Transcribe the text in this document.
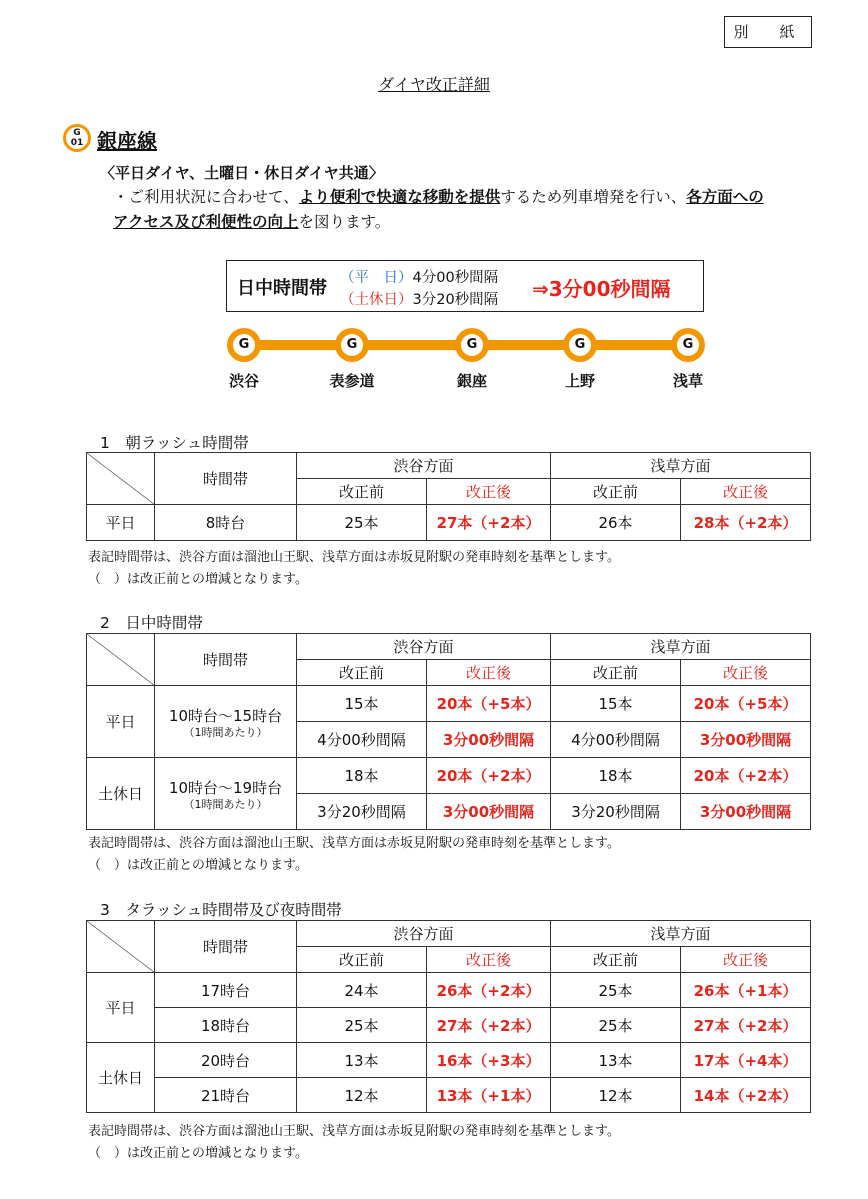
別　紙
ダイヤ改正詳細
G
01 銀座線
〈平日ダイヤ、土曜日・休日ダイヤ共通〉
・ご利用状況に合わせて、より便利で快適な移動を提供するため列車増発を行い、各方面への
アクセス及び利便性の向上を図ります。
日中時間帯 （平　日）4分00秒間隔
（土休日）3分20秒間隔 ⇒3分00秒間隔
G
渋谷
G
表参道
G
銀座
G
上野
G
浅草
1　朝ラッシュ時間帯
	時間帯	渋谷方面		浅草方面	
		改正前	改正後	改正前	改正後
平日	8時台	25本	27本（+2本）	26本	28本（+2本）
表記時間帯は、渋谷方面は溜池山王駅、浅草方面は赤坂見附駅の発車時刻を基準とします。
（　）は改正前との増減となります。
2　日中時間帯
	時間帯	渋谷方面		浅草方面	
		改正前	改正後	改正前	改正後
平日	10時台～15時台
（1時間あたり）	15本	20本（+5本）	15本	20本（+5本）
		4分00秒間隔	3分00秒間隔	4分00秒間隔	3分00秒間隔
土休日	10時台～19時台
（1時間あたり）	18本	20本（+2本）	18本	20本（+2本）
		3分20秒間隔	3分00秒間隔	3分20秒間隔	3分00秒間隔
表記時間帯は、渋谷方面は溜池山王駅、浅草方面は赤坂見附駅の発車時刻を基準とします。
（　）は改正前との増減となります。
3　タラッシュ時間帯及び夜時間帯
	時間帯	渋谷方面		浅草方面	
		改正前	改正後	改正前	改正後
平日	17時台	24本	26本（+2本）	25本	26本（+1本）
	18時台	25本	27本（+2本）	25本	27本（+2本）
土休日	20時台	13本	16本（+3本）	13本	17本（+4本）
	21時台	12本	13本（+1本）	12本	14本（+2本）
表記時間帯は、渋谷方面は溜池山王駅、浅草方面は赤坂見附駅の発車時刻を基準とします。
（　）は改正前との増減となります。
